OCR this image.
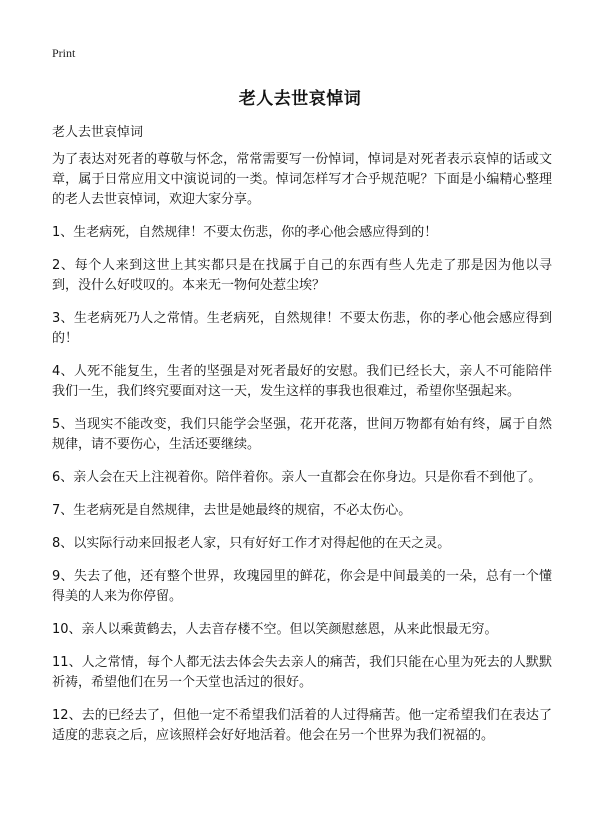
Print
老人去世哀悼词

老人去世哀悼词

为了表达对死者的尊敬与怀念，常常需要写一份悼词，悼词是对死者表示哀悼的话或文章，属于日常应用文中演说词的一类。悼词怎样写才合乎规范呢？下面是小编精心整理的老人去世哀悼词，欢迎大家分享。

1、生老病死，自然规律！不要太伤悲，你的孝心他会感应得到的！

2、每个人来到这世上其实都只是在找属于自己的东西有些人先走了那是因为他以寻到，没什么好哎叹的。本来无一物何处惹尘埃？

3、生老病死乃人之常情。生老病死，自然规律！不要太伤悲，你的孝心他会感应得到的！

4、人死不能复生，生者的坚强是对死者最好的安慰。我们已经长大，亲人不可能陪伴我们一生，我们终究要面对这一天，发生这样的事我也很难过，希望你坚强起来。

5、当现实不能改变，我们只能学会坚强，花开花落，世间万物都有始有终，属于自然规律，请不要伤心，生活还要继续。

6、亲人会在天上注视着你。陪伴着你。亲人一直都会在你身边。只是你看不到他了。

7、生老病死是自然规律，去世是她最终的规宿，不必太伤心。

8、以实际行动来回报老人家，只有好好工作才对得起他的在天之灵。

9、失去了他，还有整个世界，玫瑰园里的鲜花，你会是中间最美的一朵，总有一个懂得美的人来为你停留。

10、亲人以乘黄鹤去，人去音存楼不空。但以笑颜慰慈恩，从来此恨最无穷。

11、人之常情，每个人都无法去体会失去亲人的痛苦，我们只能在心里为死去的人默默祈祷，希望他们在另一个天堂也活过的很好。

12、去的已经去了，但他一定不希望我们活着的人过得痛苦。他一定希望我们在表达了适度的悲哀之后，应该照样会好好地活着。他会在另一个世界为我们祝福的。
